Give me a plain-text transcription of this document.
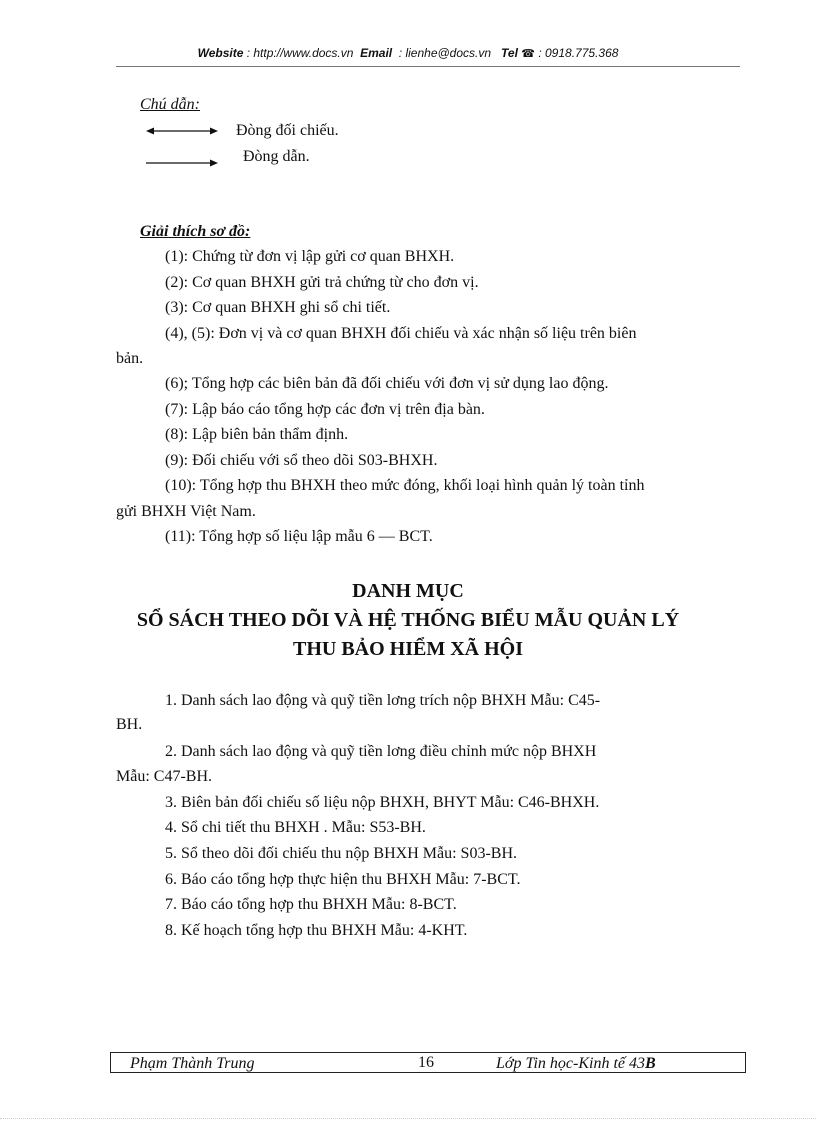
Website : http://www.docs.vn Email : lienhe@docs.vn Tel ☎ : 0918.775.368
Chú dẫn:
Đòng đối chiếu.
Đòng dẫn.
Giải thích sơ đồ:
(1): Chứng từ đơn vị lập gửi cơ quan BHXH.
(2): Cơ quan BHXH gửi trả chứng từ cho đơn vị.
(3): Cơ quan BHXH ghi sổ chi tiết.
(4), (5): Đơn vị và cơ quan BHXH đối chiếu và xác nhận số liệu trên biên
bản.
(6); Tổng hợp các biên bản đã đối chiếu với đơn vị sử dụng lao động.
(7): Lập báo cáo tổng hợp các đơn vị trên địa bàn.
(8): Lập biên bản thẩm định.
(9): Đối chiếu với sổ theo dõi S03-BHXH.
(10): Tổng hợp thu BHXH theo mức đóng, khối loại hình quản lý toàn tỉnh
gửi BHXH Việt Nam.
(11): Tổng hợp số liệu lập mẫu 6 — BCT.
DANH MỤC
SỔ SÁCH THEO DÕI VÀ HỆ THỐNG BIỂU MẪU QUẢN LÝ
THU BẢO HIỂM XÃ HỘI
1. Danh sách lao động và quỹ tiền lơng trích nộp BHXH Mẫu: C45-
BH.
2. Danh sách lao động và quỹ tiền lơng điều chỉnh mức nộp BHXH
Mẫu: C47-BH.
3. Biên bản đối chiếu số liệu nộp BHXH, BHYT Mẫu: C46-BHXH.
4. Sổ chi tiết thu BHXH . Mẫu: S53-BH.
5. Sổ theo dõi đối chiếu thu nộp BHXH Mẫu: S03-BH.
6. Báo cáo tổng hợp thực hiện thu BHXH Mẫu: 7-BCT.
7. Báo cáo tổng hợp thu BHXH Mẫu: 8-BCT.
8. Kế hoạch tổng hợp thu BHXH Mẫu: 4-KHT.
Phạm Thành Trung	16	Lớp Tin học-Kinh tế 43B
